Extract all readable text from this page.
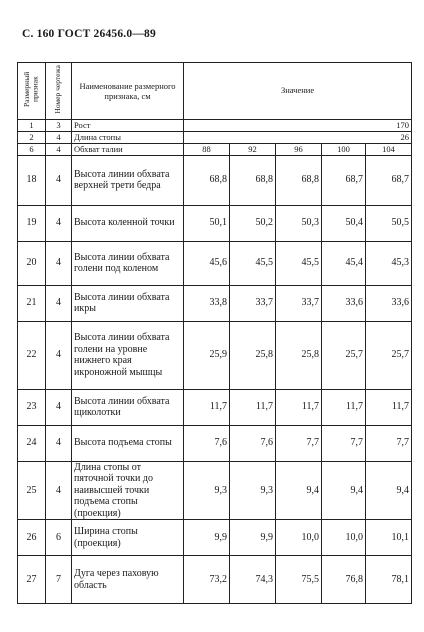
С. 160 ГОСТ 26456.0—89
Размерный признак	Номер чертежа	Наименование размерного признака, см	Значение				
1	3	Рост	170				
2	4	Длина стопы	26				
6	4	Обхват талии	88	92	96	100	104
18	4	Высота линии обхвата верхней трети бедра	68,8	68,8	68,8	68,7	68,7
19	4	Высота коленной точки	50,1	50,2	50,3	50,4	50,5
20	4	Высота линии обхвата голени под коленом	45,6	45,5	45,5	45,4	45,3
21	4	Высота линии обхвата икры	33,8	33,7	33,7	33,6	33,6
22	4	Высота линии обхвата голени на уровне нижнего края икроножной мышцы	25,9	25,8	25,8	25,7	25,7
23	4	Высота линии обхвата щиколотки	11,7	11,7	11,7	11,7	11,7
24	4	Высота подъема стопы	7,6	7,6	7,7	7,7	7,7
25	4	Длина стопы от пяточной точки до наивысшей точки подъема стопы (проекция)	9,3	9,3	9,4	9,4	9,4
26	6	Ширина стопы (проекция)	9,9	9,9	10,0	10,0	10,1
27	7	Дуга через паховую область	73,2	74,3	75,5	76,8	78,1
